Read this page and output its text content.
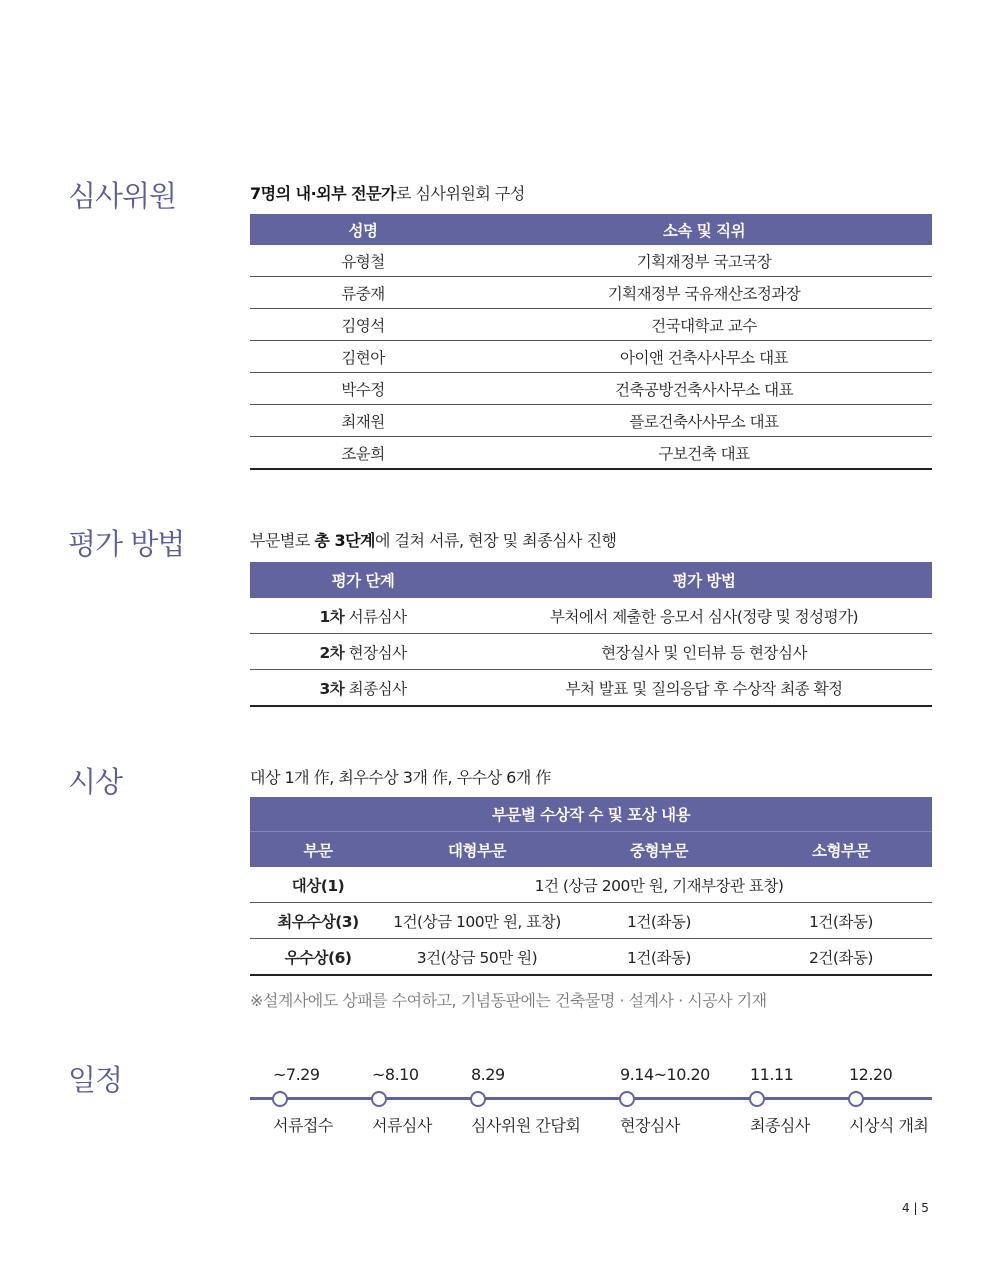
심사위원	7명의 내·외부 전문가로 심사위원회 구성
성명	소속 및 직위
유형철	기획재정부 국고국장
류중재	기획재정부 국유재산조정과장
김영석	건국대학교 교수
김현아	아이앤 건축사사무소 대표
박수정	건축공방건축사사무소 대표
최재원	플로건축사사무소 대표
조윤희	구보건축 대표
평가 방법	부문별로 총 3단계에 걸쳐 서류, 현장 및 최종심사 진행
평가 단계	평가 방법
1차 서류심사	부처에서 제출한 응모서 심사(정량 및 정성평가)
2차 현장심사	현장실사 및 인터뷰 등 현장심사
3차 최종심사	부처 발표 및 질의응답 후 수상작 최종 확정
시상	대상 1개 作, 최우수상 3개 作, 우수상 6개 作
부문별 수상작 수 및 포상 내용			
부문	대형부문	중형부문	소형부문
대상(1)	1건 (상금 200만 원, 기재부장관 표창)		
최우수상(3)	1건(상금 100만 원, 표창)	1건(좌동)	1건(좌동)
우수상(6)	3건(상금 50만 원)	1건(좌동)	2건(좌동)
※설계사에도 상패를 수여하고, 기념동판에는 건축물명 · 설계사 · 시공사 기재
일정	~7.29
서류접수
~8.10
서류심사
8.29
심사위원 간담회
9.14~10.20
현장심사
11.11
최종심사
12.20
시상식 개최
4 | 5
